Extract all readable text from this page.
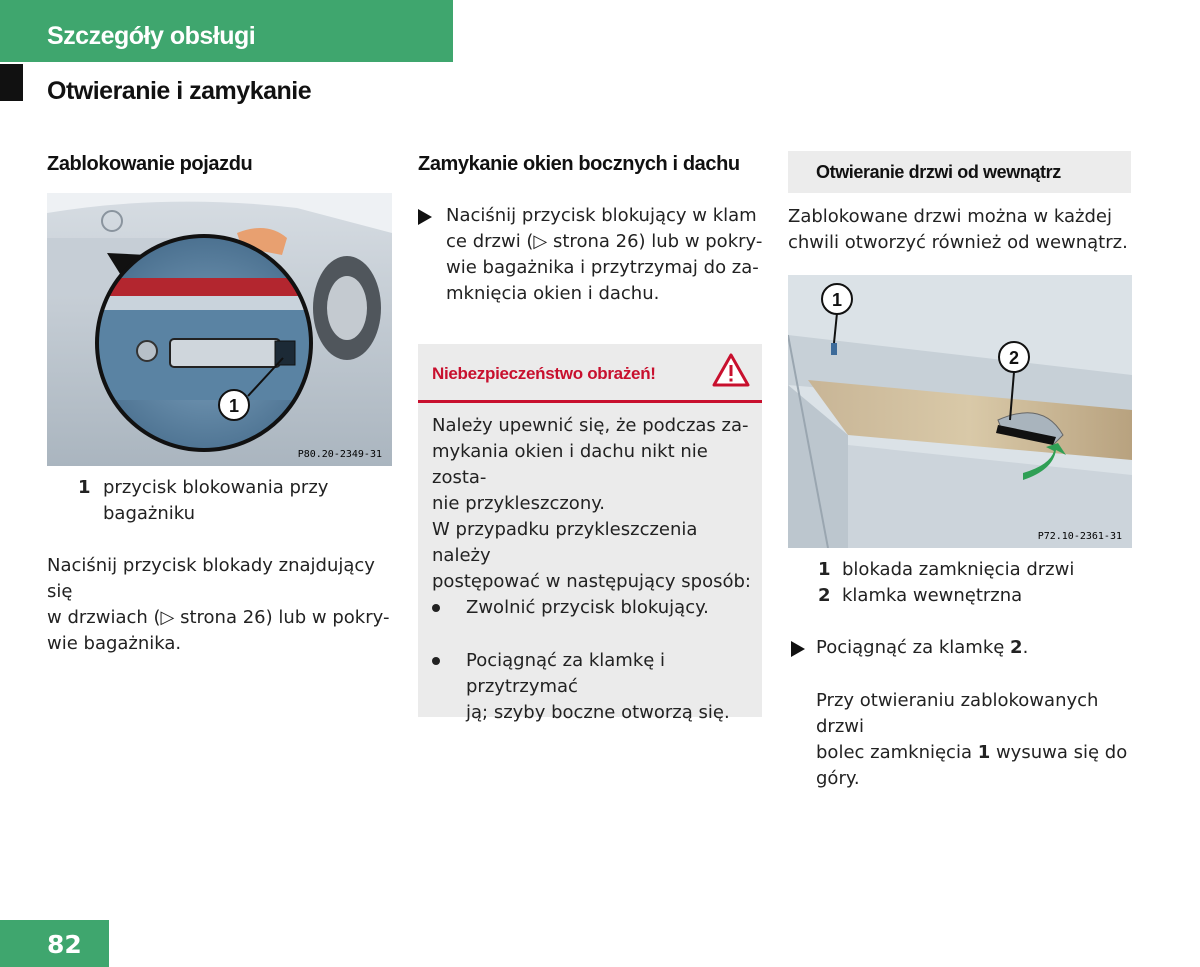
Szczegóły obsługi
Otwieranie i zamykanie
Zablokowanie pojazdu
1
P80.20-2349-31
1 przycisk blokowania przy bagażniku
Naciśnij przycisk blokady znajdujący się
w drzwiach (▷ strona 26) lub w pokry-
wie bagażnika.
Zamykanie okien bocznych i dachu
Naciśnij przycisk blokujący w klam
ce drzwi (▷ strona 26) lub w pokry-
wie bagażnika i przytrzymaj do za-
mknięcia okien i dachu.
Niebezpieczeństwo obrażeń!
Należy upewnić się, że podczas za-
mykania okien i dachu nikt nie zosta-
nie przykleszczony.
W przypadku przykleszczenia należy
postępować w następujący sposób:
Zwolnić przycisk blokujący.
Pociągnąć za klamkę i przytrzymać
ją; szyby boczne otworzą się.
Otwieranie drzwi od wewnątrz
Zablokowane drzwi można w każdej
chwili otworzyć również od wewnątrz.
1
2
P72.10-2361-31
1 blokada zamknięcia drzwi
2 klamka wewnętrzna
Pociągnąć za klamkę 2.
Przy otwieraniu zablokowanych drzwi
bolec zamknięcia 1 wysuwa się do
góry.
82
